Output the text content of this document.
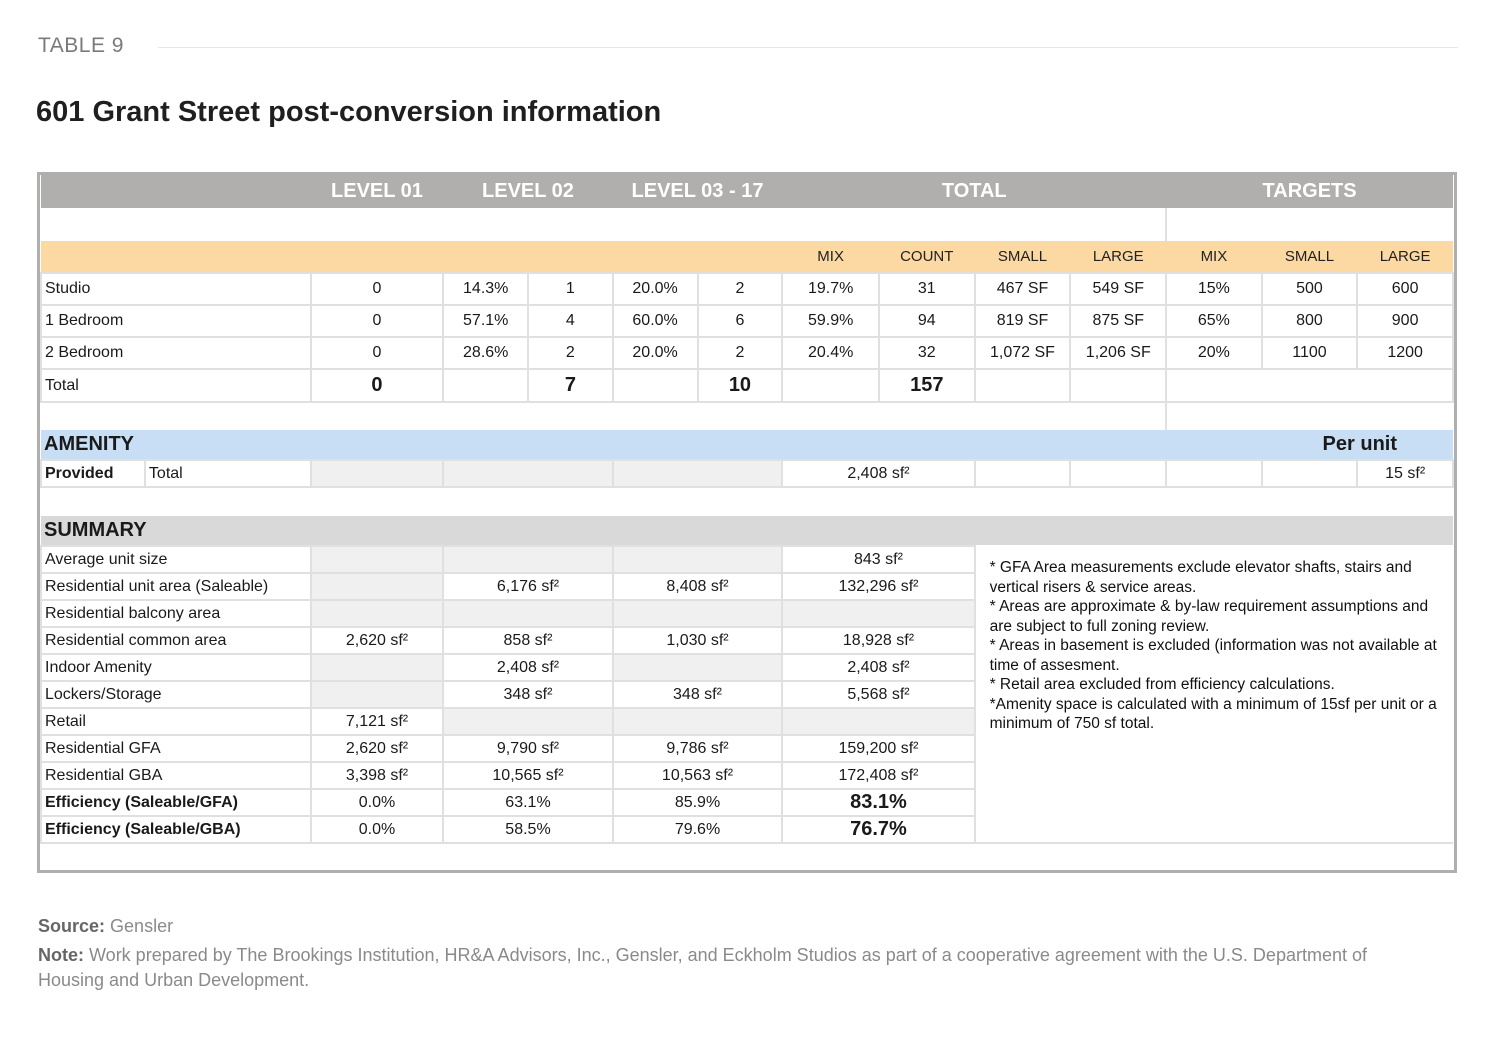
TABLE 9
601 Grant Street post-conversion information
		LEVEL 01	LEVEL 02		LEVEL 03 - 17		TOTAL				TARGETS		

							MIX	COUNT	SMALL	LARGE	MIX	SMALL	LARGE
Studio		0	14.3%	1	20.0%	2	19.7%	31	467 SF	549 SF	15%	500	600
1 Bedroom		0	57.1%	4	60.0%	6	59.9%	94	819 SF	875 SF	65%	800	900
2 Bedroom		0	28.6%	2	20.0%	2	20.4%	32	1,072 SF	1,206 SF	20%	1100	1200
Total		0		7		10		157					

AMENITY											Per unit		
Provided	Total						2,408 sf²						15 sf²

SUMMARY													
Average unit size							843 sf²		* GFA Area measurements exclude elevator shafts, stairs and vertical risers & service areas.
* Areas are approximate & by-law requirement assumptions and are subject to full zoning review.
* Areas in basement is excluded (information was not available at time of assesment.
* Retail area excluded from efficiency calculations.
*Amenity space is calculated with a minimum of 15sf per unit or a minimum of 750 sf total.				
Residential unit area (Saleable)			6,176 sf²		8,408 sf²		132,296 sf²						
Residential balcony area													
Residential common area		2,620 sf²	858 sf²		1,030 sf²		18,928 sf²						
Indoor Amenity			2,408 sf²				2,408 sf²						
Lockers/Storage			348 sf²		348 sf²		5,568 sf²						
Retail		7,121 sf²											
Residential GFA		2,620 sf²	9,790 sf²		9,786 sf²		159,200 sf²						
Residential GBA		3,398 sf²	10,565 sf²		10,563 sf²		172,408 sf²						
Efficiency (Saleable/GFA)		0.0%	63.1%		85.9%		83.1%						
Efficiency (Saleable/GBA)		0.0%	58.5%		79.6%		76.7%						

Source: Gensler
Note: Work prepared by The Brookings Institution, HR&A Advisors, Inc., Gensler, and Eckholm Studios as part of a cooperative agreement with the U.S. Department of Housing and Urban Development.
